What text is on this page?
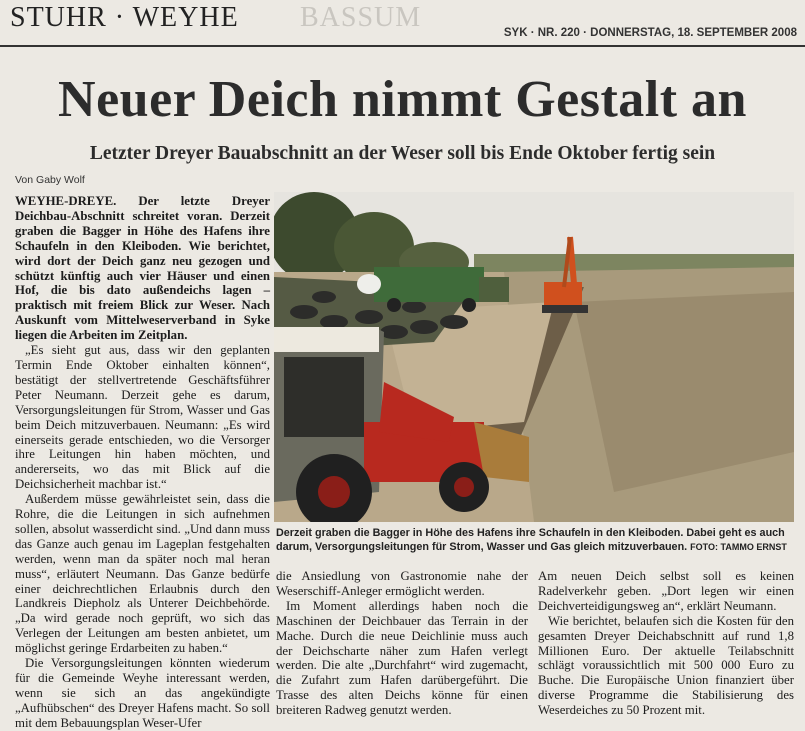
BASSUM
STUHR · WEYHE	SYK · NR. 220 · DONNERSTAG, 18. SEPTEMBER 2008
Neuer Deich nimmt Gestalt an
Letzter Dreyer Bauabschnitt an der Weser soll bis Ende Oktober fertig sein
Von Gaby Wolf

WEYHE-DREYE. Der letzte Dreyer Deichbau-Abschnitt schreitet voran. Derzeit graben die Bagger in Höhe des Hafens ihre Schaufeln in den Kleiboden. Wie berichtet, wird dort der Deich ganz neu gezogen und schützt künftig auch vier Häuser und einen Hof, die bis dato außendeichs lagen – praktisch mit freiem Blick zur Weser. Nach Auskunft vom Mittelweserverband in Syke liegen die Arbeiten im Zeitplan.

„Es sieht gut aus, dass wir den geplanten Termin Ende Oktober einhalten können“, bestätigt der stellvertretende Geschäftsführer Peter Neumann. Derzeit gehe es darum, Versorgungsleitungen für Strom, Wasser und Gas beim Deich mitzuverbauen. Neumann: „Es wird einerseits gerade entschieden, wo die Versorger ihre Leitungen hin haben möchten, und andererseits, wo das mit Blick auf die Deichsicherheit machbar ist.“

Außerdem müsse gewährleistet sein, dass die Rohre, die die Leitungen in sich aufnehmen sollen, absolut wasserdicht sind. „Und dann muss das Ganze auch genau im Lageplan festgehalten werden, wenn man da später noch mal heran muss“, erläutert Neumann. Das Ganze bedürfe einer deichrechtlichen Erlaubnis durch den Landkreis Diepholz als Unterer Deichbehörde. „Da wird gerade noch geprüft, wo sich das Verlegen der Leitungen am besten anbietet, um möglichst geringe Erdarbeiten zu haben.“

Die Versorgungsleitungen könnten wiederum für die Gemeinde Weyhe interessant werden, wenn sie sich an das angekündigte „Aufhübschen“ des Dreyer Hafens macht. So soll mit dem Bebauungsplan Weser-Ufer

Derzeit graben die Bagger in Höhe des Hafens ihre Schaufeln in den Kleiboden. Dabei geht es auch darum, Versorgungsleitungen für Strom, Wasser und Gas gleich mitzuverbauen. FOTO: TAMMO ERNST

die Ansiedlung von Gastronomie nahe der Weserschiff-Anleger ermöglicht werden.

Im Moment allerdings haben noch die Maschinen der Deichbauer das Terrain in der Mache. Durch die neue Deichlinie muss auch der Deichscharte näher zum Hafen verlegt werden. Die alte „Durchfahrt“ wird zugemacht, die Zufahrt zum Hafen darübergeführt. Die Trasse des alten Deichs könne für einen breiteren Radweg genutzt werden.

Am neuen Deich selbst soll es keinen Radelverkehr geben. „Dort legen wir einen Deichverteidigungsweg an“, erklärt Neumann.

Wie berichtet, belaufen sich die Kosten für den gesamten Dreyer Deichabschnitt auf rund 1,8 Millionen Euro. Der aktuelle Teilabschnitt schlägt voraussichtlich mit 500 000 Euro zu Buche. Die Europäische Union finanziert über diverse Programme die Stabilisierung des Weserdeiches zu 50 Prozent mit.
